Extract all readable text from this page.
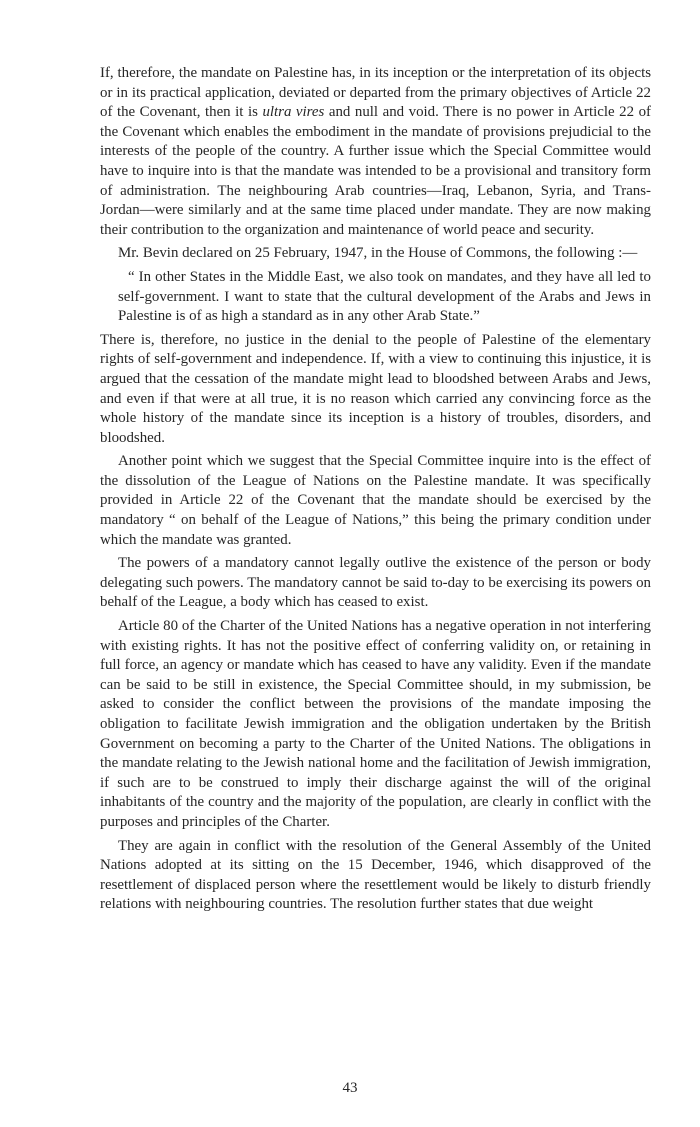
If, therefore, the mandate on Palestine has, in its inception or the interpretation of its objects or in its practical application, deviated or departed from the primary objectives of Article 22 of the Covenant, then it is ultra vires and null and void. There is no power in Article 22 of the Covenant which enables the embodiment in the mandate of provisions prejudicial to the interests of the people of the country. A further issue which the Special Committee would have to inquire into is that the mandate was intended to be a provisional and transitory form of administration. The neighbouring Arab countries—Iraq, Lebanon, Syria, and Trans-Jordan—were similarly and at the same time placed under mandate. They are now making their contribution to the organization and maintenance of world peace and security.

Mr. Bevin declared on 25 February, 1947, in the House of Commons, the following :—

“ In other States in the Middle East, we also took on mandates, and they have all led to self-government. I want to state that the cultural development of the Arabs and Jews in Palestine is of as high a standard as in any other Arab State.”

There is, therefore, no justice in the denial to the people of Palestine of the elementary rights of self-government and independence. If, with a view to continuing this injustice, it is argued that the cessation of the mandate might lead to bloodshed between Arabs and Jews, and even if that were at all true, it is no reason which carried any convincing force as the whole history of the mandate since its inception is a history of troubles, disorders, and bloodshed.

Another point which we suggest that the Special Committee inquire into is the effect of the dissolution of the League of Nations on the Palestine mandate. It was specifically provided in Article 22 of the Covenant that the mandate should be exercised by the mandatory “ on behalf of the League of Nations,” this being the primary condition under which the mandate was granted.

The powers of a mandatory cannot legally outlive the existence of the person or body delegating such powers. The mandatory cannot be said to-day to be exercising its powers on behalf of the League, a body which has ceased to exist.

Article 80 of the Charter of the United Nations has a negative operation in not interfering with existing rights. It has not the positive effect of conferring validity on, or retaining in full force, an agency or mandate which has ceased to have any validity. Even if the mandate can be said to be still in existence, the Special Committee should, in my submission, be asked to consider the conflict between the provisions of the mandate imposing the obligation to facilitate Jewish immigration and the obligation undertaken by the British Government on becoming a party to the Charter of the United Nations. The obligations in the mandate relating to the Jewish national home and the facilitation of Jewish immigration, if such are to be construed to imply their discharge against the will of the original inhabitants of the country and the majority of the population, are clearly in conflict with the purposes and principles of the Charter.

They are again in conflict with the resolution of the General Assembly of the United Nations adopted at its sitting on the 15 December, 1946, which disapproved of the resettlement of displaced person where the resettlement would be likely to disturb friendly relations with neighbouring countries. The resolution further states that due weight

43
